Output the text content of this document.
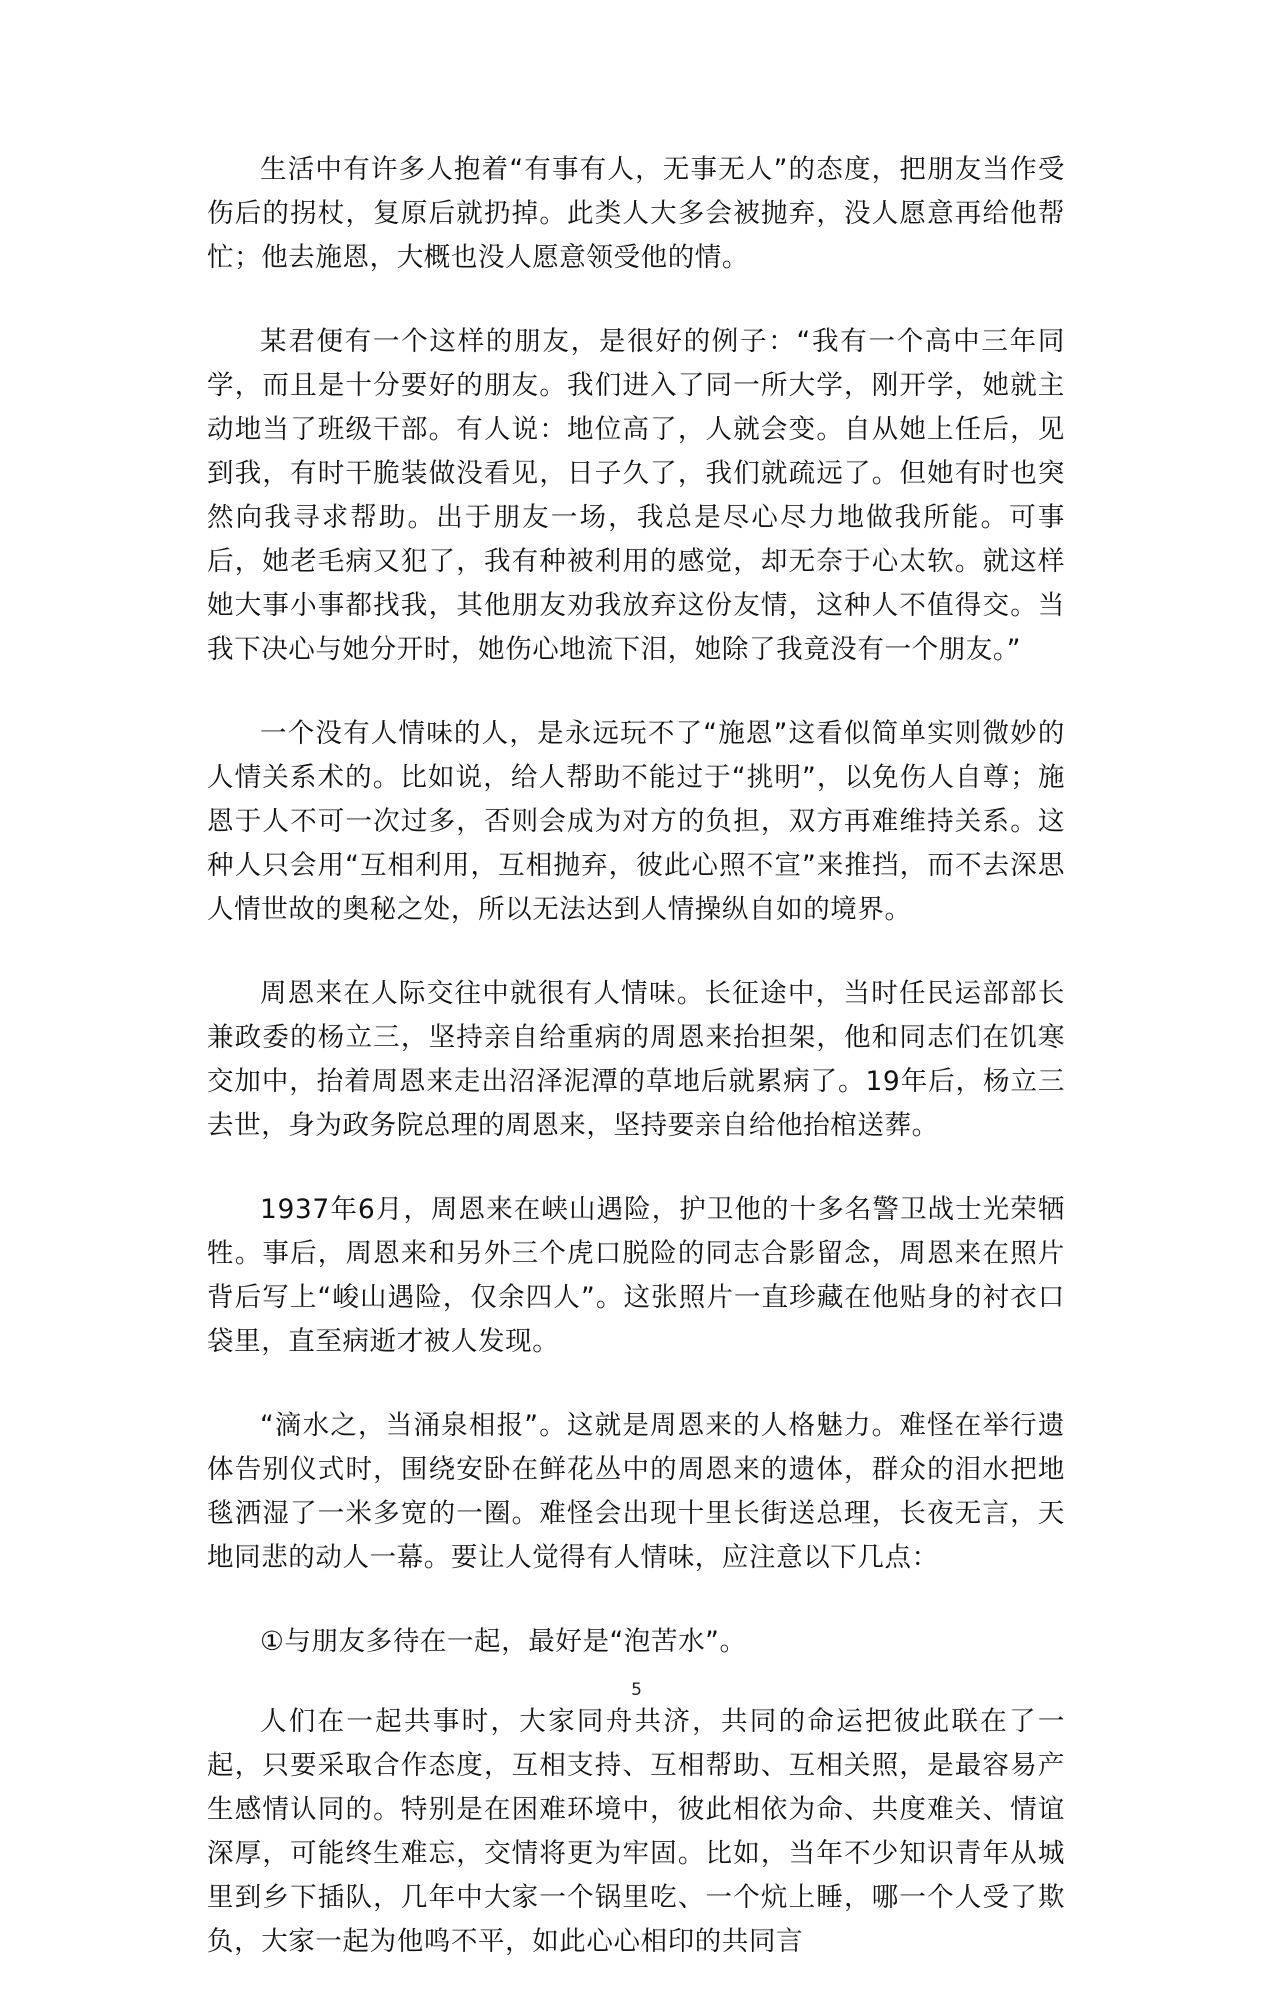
生活中有许多人抱着“有事有人，无事无人”的态度，把朋友当作受伤后的拐杖，复原后就扔掉。此类人大多会被抛弃，没人愿意再给他帮忙；他去施恩，大概也没人愿意领受他的情。

某君便有一个这样的朋友，是很好的例子：“我有一个高中三年同学，而且是十分要好的朋友。我们进入了同一所大学，刚开学，她就主动地当了班级干部。有人说：地位高了，人就会变。自从她上任后，见到我，有时干脆装做没看见，日子久了，我们就疏远了。但她有时也突然向我寻求帮助。出于朋友一场，我总是尽心尽力地做我所能。可事后，她老毛病又犯了，我有种被利用的感觉，却无奈于心太软。就这样她大事小事都找我，其他朋友劝我放弃这份友情，这种人不值得交。当我下决心与她分开时，她伤心地流下泪，她除了我竟没有一个朋友。”

一个没有人情味的人，是永远玩不了“施恩”这看似简单实则微妙的人情关系术的。比如说，给人帮助不能过于“挑明”，以免伤人自尊；施恩于人不可一次过多，否则会成为对方的负担，双方再难维持关系。这种人只会用“互相利用，互相抛弃，彼此心照不宣”来推挡，而不去深思人情世故的奥秘之处，所以无法达到人情操纵自如的境界。

周恩来在人际交往中就很有人情味。长征途中，当时任民运部部长兼政委的杨立三，坚持亲自给重病的周恩来抬担架，他和同志们在饥寒交加中，抬着周恩来走出沼泽泥潭的草地后就累病了。19年后，杨立三去世，身为政务院总理的周恩来，坚持要亲自给他抬棺送葬。

1937年6月，周恩来在峡山遇险，护卫他的十多名警卫战士光荣牺牲。事后，周恩来和另外三个虎口脱险的同志合影留念，周恩来在照片背后写上“峻山遇险，仅余四人”。这张照片一直珍藏在他贴身的衬衣口袋里，直至病逝才被人发现。

“滴水之，当涌泉相报”。这就是周恩来的人格魅力。难怪在举行遗体告别仪式时，围绕安卧在鲜花丛中的周恩来的遗体，群众的泪水把地毯洒湿了一米多宽的一圈。难怪会出现十里长街送总理，长夜无言，天地同悲的动人一幕。要让人觉得有人情味，应注意以下几点：

①与朋友多待在一起，最好是“泡苦水”。

人们在一起共事时，大家同舟共济，共同的命运把彼此联在了一起，只要采取合作态度，互相支持、互相帮助、互相关照，是最容易产生感情认同的。特别是在困难环境中，彼此相依为命、共度难关、情谊深厚，可能终生难忘，交情将更为牢固。比如，当年不少知识青年从城里到乡下插队，几年中大家一个锅里吃、一个炕上睡，哪一个人受了欺负，大家一起为他鸣不平，如此心心相印的共同言

5
